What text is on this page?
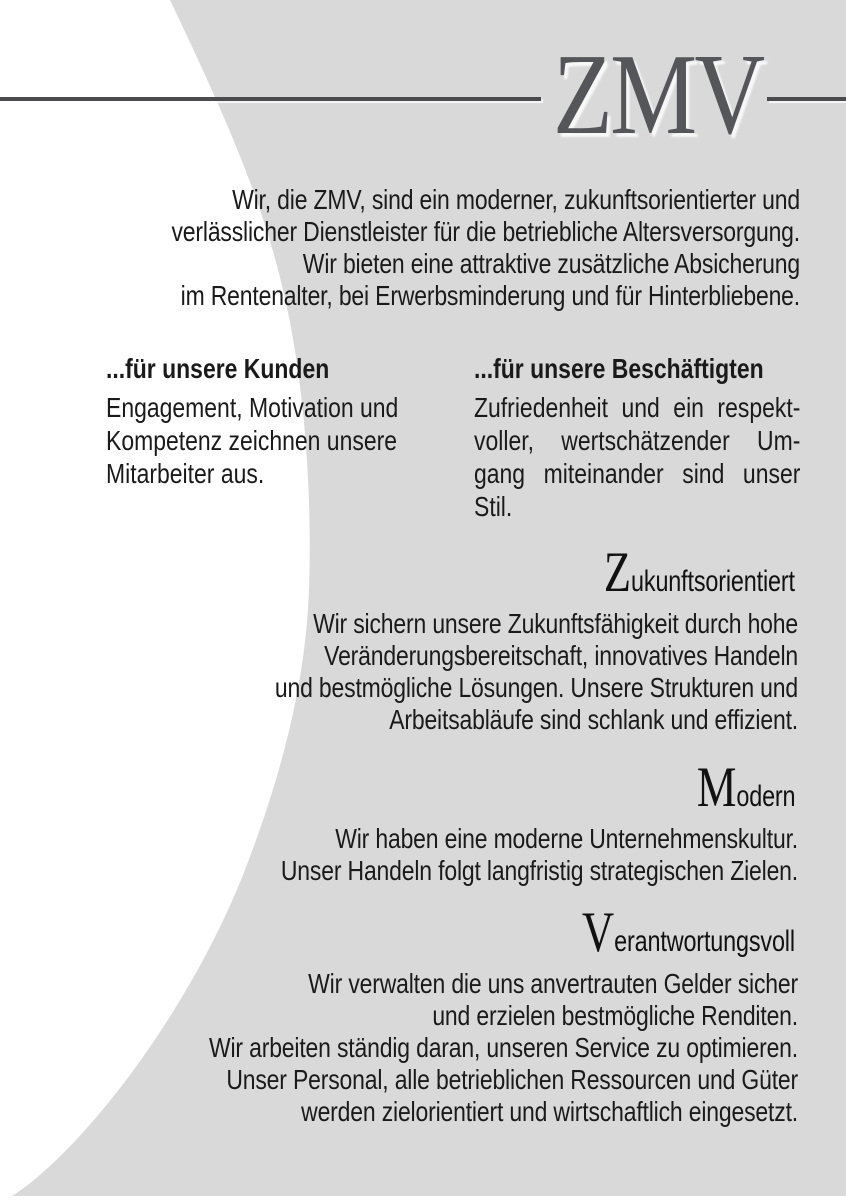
ZMV
Wir, die ZMV, sind ein moderner, zukunftsorientierter und
verlässlicher Dienstleister für die betriebliche Altersversorgung.
Wir bieten eine attraktive zusätzliche Absicherung
im Rentenalter, bei Erwerbsminderung und für Hinterbliebene.
...für unsere Kunden
Engagement, Motivation und
Kompetenz zeichnen unsere
Mitarbeiter aus.
...für unsere Beschäftigten
Zufriedenheit und ein respekt-
voller, wertschätzender Um-
gang miteinander sind unser
Stil.
Zukunftsorientiert
Wir sichern unsere Zukunftsfähigkeit durch hohe
Veränderungsbereitschaft, innovatives Handeln
und bestmögliche Lösungen. Unsere Strukturen und
Arbeitsabläufe sind schlank und effizient.
Modern
Wir haben eine moderne Unternehmenskultur.
Unser Handeln folgt langfristig strategischen Zielen.
Verantwortungsvoll
Wir verwalten die uns anvertrauten Gelder sicher
und erzielen bestmögliche Renditen.
Wir arbeiten ständig daran, unseren Service zu optimieren.
Unser Personal, alle betrieblichen Ressourcen und Güter
werden zielorientiert und wirtschaftlich eingesetzt.
